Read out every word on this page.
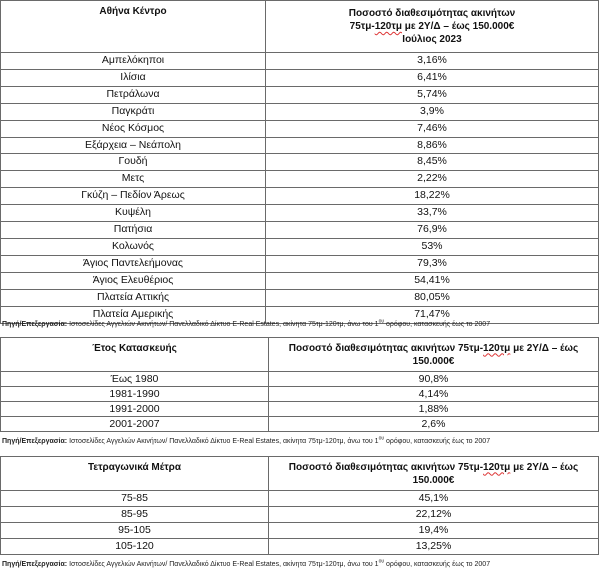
Αθήνα Κέντρο	Ποσοστό διαθεσιμότητας ακινήτων
75τμ-120τμ με 2Υ/Δ – έως 150.000€
Ιούλιος 2023

Αμπελόκηποι	3,16%
Ιλίσια	6,41%
Πετράλωνα	5,74%
Παγκράτι	3,9%
Νέος Κόσμος	7,46%
Εξάρχεια – Νεάπολη	8,86%
Γουδή	8,45%
Μετς	2,22%
Γκύζη – Πεδίον Άρεως	18,22%
Κυψέλη	33,7%
Πατήσια	76,9%
Κολωνός	53%
Άγιος Παντελεήμονας	79,3%
Άγιος Ελευθέριος	54,41%
Πλατεία Αττικής	80,05%
Πλατεία Αμερικής	71,47%
Πηγή/Επεξεργασία: Ιστοσελίδες Αγγελιών Ακινήτων/ Πανελλαδικό Δίκτυο E-Real Estates, ακίνητα 75τμ-120τμ, άνω του $1^{o\upsilon}$ ορόφου, κατασκευής έως το 2007
Έτος Κατασκευής	Ποσοστό διαθεσιμότητας ακινήτων 75τμ-120τμ με 2Υ/Δ – έως 150.000€
Έως 1980	90,8%
1981-1990	4,14%
1991-2000	1,88%
2001-2007	2,6%
Πηγή/Επεξεργασία: Ιστοσελίδες Αγγελιών Ακινήτων/ Πανελλαδικό Δίκτυο E-Real Estates, ακίνητα 75τμ-120τμ, άνω του $1^{o\upsilon}$ ορόφου, κατασκευής έως το 2007
Τετραγωνικά Μέτρα	Ποσοστό διαθεσιμότητας ακινήτων 75τμ-120τμ με 2Υ/Δ – έως 150.000€
75-85	45,1%
85-95	22,12%
95-105	19,4%
105-120	13,25%
Πηγή/Επεξεργασία: Ιστοσελίδες Αγγελιών Ακινήτων/ Πανελλαδικό Δίκτυο E-Real Estates, ακίνητα 75τμ-120τμ, άνω του $1^{o\upsilon}$ ορόφου, κατασκευής έως το 2007
